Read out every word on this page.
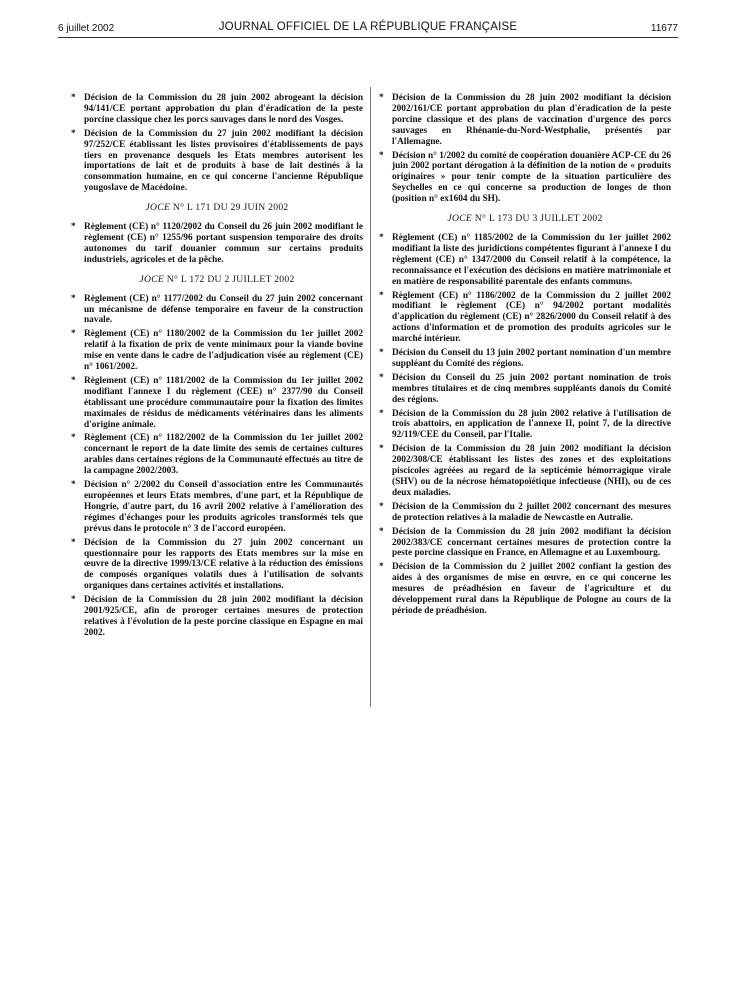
6 juillet 2002	JOURNAL OFFICIEL DE LA RÉPUBLIQUE FRANÇAISE	11677
* Décision de la Commission du 28 juin 2002 abrogeant la décision 94/141/CE portant approbation du plan d'éradication de la peste porcine classique chez les porcs sauvages dans le nord des Vosges.
* Décision de la Commission du 27 juin 2002 modifiant la décision 97/252/CE établissant les listes provisoires d'établissements de pays tiers en provenance desquels les Etats membres autorisent les importations de lait et de produits à base de lait destinés à la consommation humaine, en ce qui concerne l'ancienne République yougoslave de Macédoine.
JOCE N° L 171 DU 29 JUIN 2002
* Règlement (CE) n° 1120/2002 du Conseil du 26 juin 2002 modifiant le règlement (CE) n° 1255/96 portant suspension temporaire des droits autonomes du tarif douanier commun sur certains produits industriels, agricoles et de la pêche.
JOCE N° L 172 DU 2 JUILLET 2002
* Règlement (CE) n° 1177/2002 du Conseil du 27 juin 2002 concernant un mécanisme de défense temporaire en faveur de la construction navale.
* Règlement (CE) n° 1180/2002 de la Commission du 1er juillet 2002 relatif à la fixation de prix de vente minimaux pour la viande bovine mise en vente dans le cadre de l'adjudication visée au règlement (CE) n° 1061/2002.
* Règlement (CE) n° 1181/2002 de la Commission du 1er juillet 2002 modifiant l'annexe I du règlement (CEE) n° 2377/90 du Conseil établissant une procédure communautaire pour la fixation des limites maximales de résidus de médicaments vétérinaires dans les aliments d'origine animale.
* Règlement (CE) n° 1182/2002 de la Commission du 1er juillet 2002 concernant le report de la date limite des semis de certaines cultures arables dans certaines régions de la Communauté effectués au titre de la campagne 2002/2003.
* Décision n° 2/2002 du Conseil d'association entre les Communautés européennes et leurs Etats membres, d'une part, et la République de Hongrie, d'autre part, du 16 avril 2002 relative à l'amélioration des régimes d'échanges pour les produits agricoles transformés tels que prévus dans le protocole n° 3 de l'accord européen.
* Décision de la Commission du 27 juin 2002 concernant un questionnaire pour les rapports des Etats membres sur la mise en œuvre de la directive 1999/13/CE relative à la réduction des émissions de composés organiques volatils dues à l'utilisation de solvants organiques dans certaines activités et installations.
* Décision de la Commission du 28 juin 2002 modifiant la décision 2001/925/CE, afin de proroger certaines mesures de protection relatives à l'évolution de la peste porcine classique en Espagne en mai 2002.
* Décision de la Commission du 28 juin 2002 modifiant la décision 2002/161/CE portant approbation du plan d'éradication de la peste porcine classique et des plans de vaccination d'urgence des porcs sauvages en Rhénanie-du-Nord-Westphalie, présentés par l'Allemagne.
* Décision n° 1/2002 du comité de coopération douanière ACP-CE du 26 juin 2002 portant dérogation à la définition de la notion de « produits originaires » pour tenir compte de la situation particulière des Seychelles en ce qui concerne sa production de longes de thon (position n° ex1604 du SH).
JOCE N° L 173 DU 3 JUILLET 2002
* Règlement (CE) n° 1185/2002 de la Commission du 1er juillet 2002 modifiant la liste des juridictions compétentes figurant à l'annexe I du règlement (CE) n° 1347/2000 du Conseil relatif à la compétence, la reconnaissance et l'exécution des décisions en matière matrimoniale et en matière de responsabilité parentale des enfants communs.
* Règlement (CE) n° 1186/2002 de la Commission du 2 juillet 2002 modifiant le règlement (CE) n° 94/2002 portant modalités d'application du règlement (CE) n° 2826/2000 du Conseil relatif à des actions d'information et de promotion des produits agricoles sur le marché intérieur.
* Décision du Conseil du 13 juin 2002 portant nomination d'un membre suppléant du Comité des régions.
* Décision du Conseil du 25 juin 2002 portant nomination de trois membres titulaires et de cinq membres suppléants danois du Comité des régions.
* Décision de la Commission du 28 juin 2002 relative à l'utilisation de trois abattoirs, en application de l'annexe II, point 7, de la directive 92/119/CEE du Conseil, par l'Italie.
* Décision de la Commission du 28 juin 2002 modifiant la décision 2002/308/CE établissant les listes des zones et des exploitations piscicoles agréées au regard de la septicémie hémorragique virale (SHV) ou de la nécrose hématopoïétique infectieuse (NHI), ou de ces deux maladies.
* Décision de la Commission du 2 juillet 2002 concernant des mesures de protection relatives à la maladie de Newcastle en Autralie.
* Décision de la Commission du 28 juin 2002 modifiant la décision 2002/383/CE concernant certaines mesures de protection contre la peste porcine classique en France, en Allemagne et au Luxembourg.
* Décision de la Commission du 2 juillet 2002 confiant la gestion des aides à des organismes de mise en œuvre, en ce qui concerne les mesures de préadhésion en faveur de l'agriculture et du développement rural dans la République de Pologne au cours de la période de préadhésion.
